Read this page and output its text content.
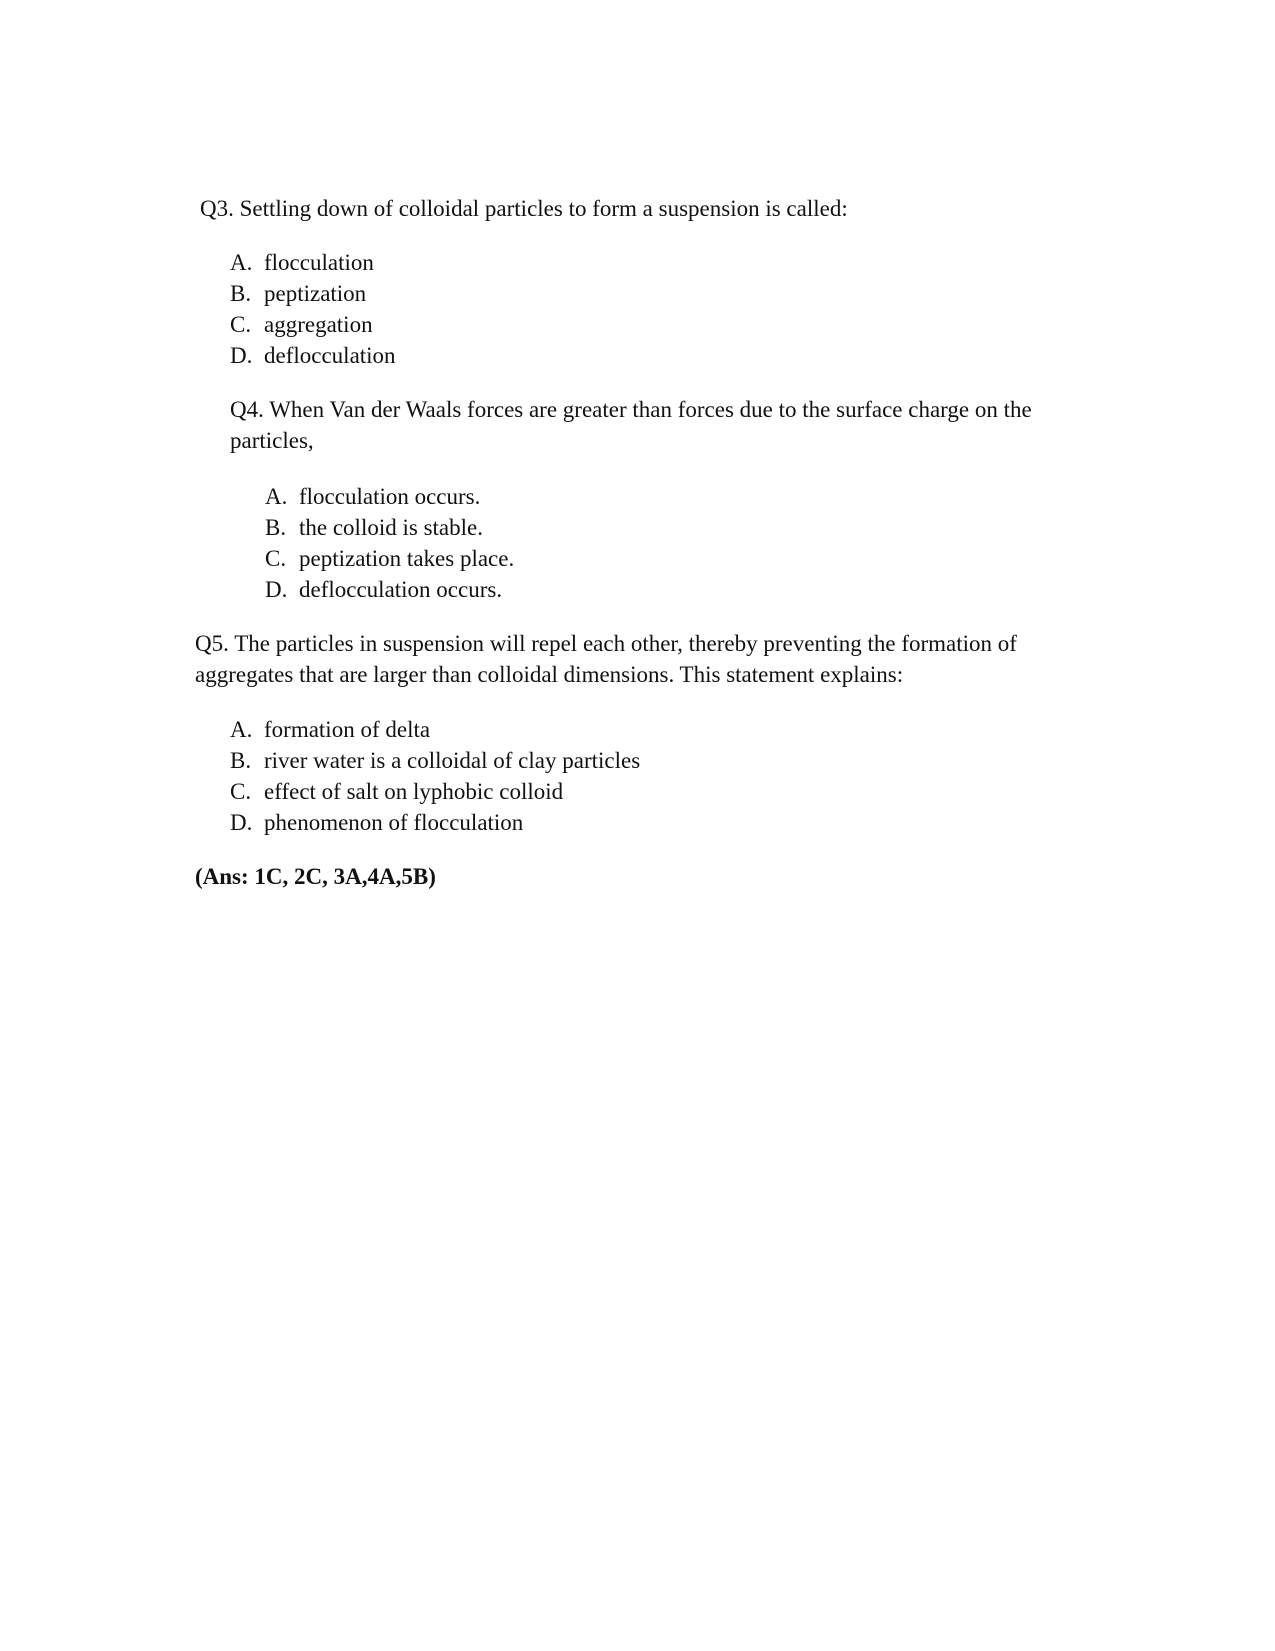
Q3. Settling down of colloidal particles to form a suspension is called:
A. flocculation
B. peptization
C. aggregation
D. deflocculation
Q4. When Van der Waals forces are greater than forces due to the surface charge on the
particles,
A. flocculation occurs.
B. the colloid is stable.
C. peptization takes place.
D. deflocculation occurs.
Q5. The particles in suspension will repel each other, thereby preventing the formation of
aggregates that are larger than colloidal dimensions. This statement explains:
A. formation of delta
B. river water is a colloidal of clay particles
C. effect of salt on lyphobic colloid
D. phenomenon of flocculation
(Ans: 1C, 2C, 3A,4A,5B)
